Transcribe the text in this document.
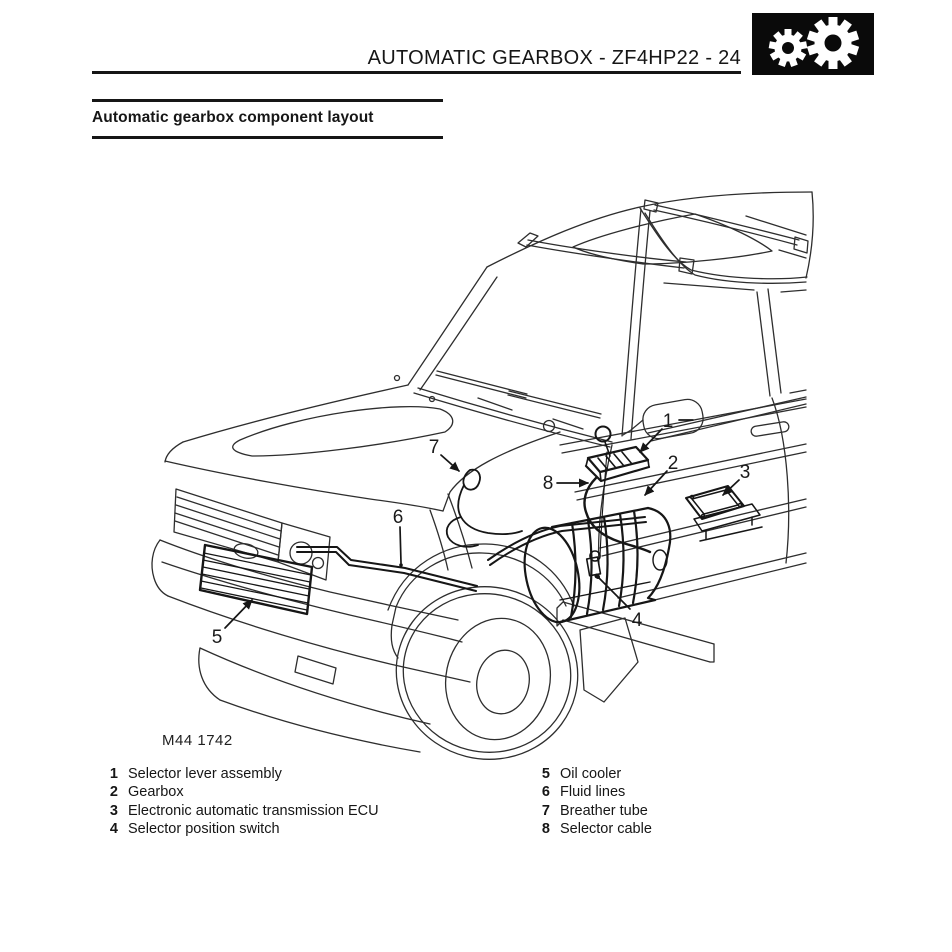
AUTOMATIC GEARBOX - ZF4HP22 - 24
Automatic gearbox component layout
1
2	3
4
5
6
7
8
M44 1742
1 Selector lever assembly
2 Gearbox
3 Electronic automatic transmission ECU
4 Selector position switch
5 Oil cooler
6 Fluid lines
7 Breather tube
8 Selector cable
